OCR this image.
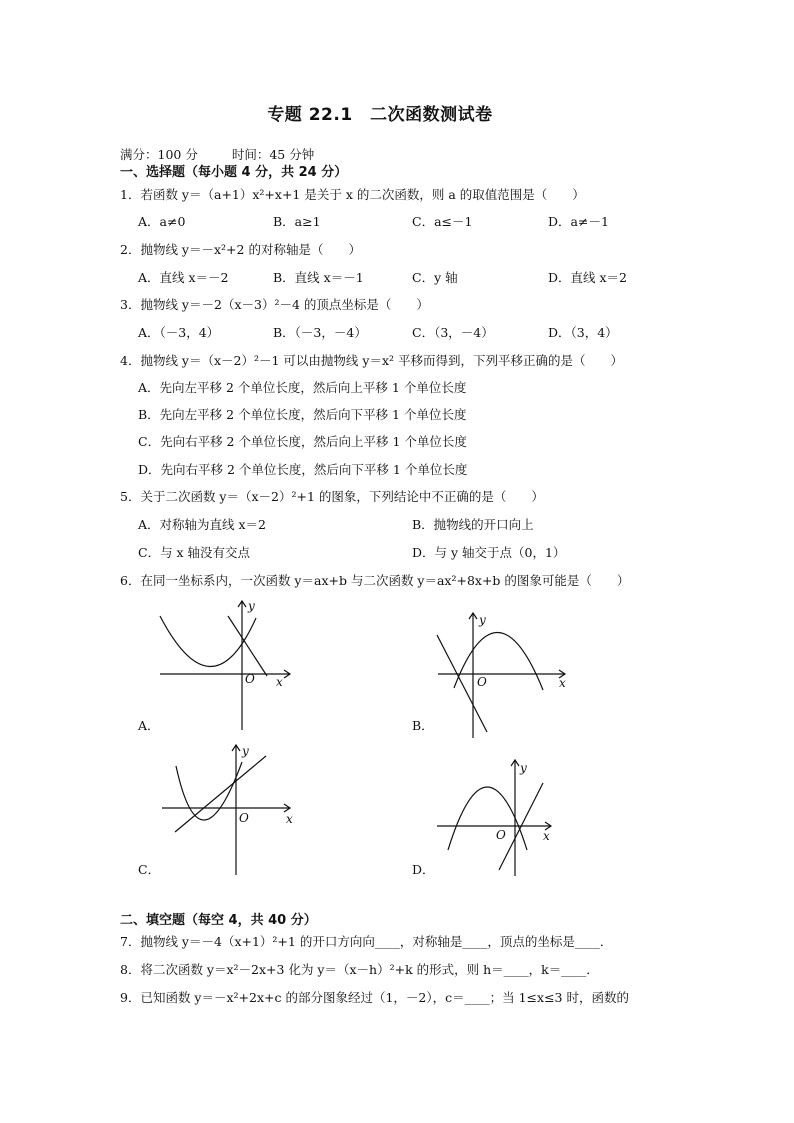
专题 22.1　二次函数测试卷
满分：100 分	时间：45 分钟
一、选择题（每小题 4 分，共 24 分）
1．若函数 y＝（a+1）x²+x+1 是关于 x 的二次函数，则 a 的取值范围是（　　）
A．a≠0	B．a≥1	C．a≤－1	D．a≠－1
2．抛物线 y＝－x²+2 的对称轴是（　　）
A．直线 x＝－2	B．直线 x＝－1	C．y 轴	D．直线 x＝2
3．抛物线 y＝－2（x－3）²－4 的顶点坐标是（　　）
A．（－3，4）	B．（－3，－4）	C．（3，－4）	D．（3，4）
4．抛物线 y＝（x－2）²－1 可以由抛物线 y＝x² 平移而得到，下列平移正确的是（　　）
A．先向左平移 2 个单位长度，然后向上平移 1 个单位长度
B．先向左平移 2 个单位长度，然后向下平移 1 个单位长度
C．先向右平移 2 个单位长度，然后向上平移 1 个单位长度
D．先向右平移 2 个单位长度，然后向下平移 1 个单位长度
5．关于二次函数 y＝（x－2）²+1 的图象，下列结论中不正确的是（　　）
A．对称轴为直线 x＝2	B．抛物线的开口向上
C．与 x 轴没有交点	D．与 y 轴交于点（0，1）
6．在同一坐标系内，一次函数 y＝ax+b 与二次函数 y＝ax²+8x+b 的图象可能是（　　）
x
y
O
A．
x
y
O
B．
x
y
O
C．
x
y
O
D．
二、填空题（每空 4，共 40 分）
7．抛物线 y＝－4（x+1）²+1 的开口方向向____，对称轴是____，顶点的坐标是____．
8．将二次函数 y＝x²－2x+3 化为 y＝（x－h）²+k 的形式，则 h＝____，k＝____．
9．已知函数 y＝－x²+2x+c 的部分图象经过（1，－2），c＝____；当 1≤x≤3 时，函数的
